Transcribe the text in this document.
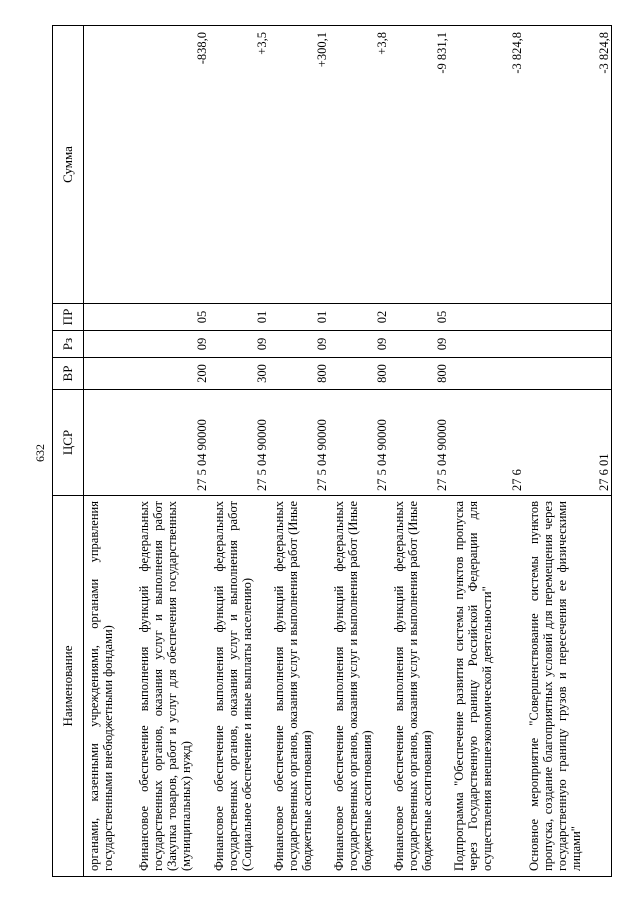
632
Наименование	ЦСР	ВР	Рз	ПР	Сумма
органами, казенными учреждениями, органами управления государственными внебюджетными фондами)					
Финансовое обеспечение выполнения функций федеральных государственных органов, оказания услуг и выполнения работ (Закупка товаров, работ и услуг для обеспечения государственных (муниципальных) нужд)	27 5 04 90000	200	09	05	-838,0
Финансовое обеспечение выполнения функций федеральных государственных органов, оказания услуг и выполнения работ (Социальное обеспечение и иные выплаты населению)	27 5 04 90000	300	09	01	+3,5
Финансовое обеспечение выполнения функций федеральных государственных органов, оказания услуг и выполнения работ (Иные бюджетные ассигнования)	27 5 04 90000	800	09	01	+300,1
Финансовое обеспечение выполнения функций федеральных государственных органов, оказания услуг и выполнения работ (Иные бюджетные ассигнования)	27 5 04 90000	800	09	02	+3,8
Финансовое обеспечение выполнения функций федеральных государственных органов, оказания услуг и выполнения работ (Иные бюджетные ассигнования)	27 5 04 90000	800	09	05	-9 831,1
Подпрограмма "Обеспечение развития системы пунктов пропуска через Государственную границу Российской Федерации для осуществления внешнеэкономической деятельности"	27 6				-3 824,8
Основное мероприятие "Совершенствование системы пунктов пропуска, создание благоприятных условий для перемещения через государственную границу грузов и пересечения ее физическими лицами"	27 6 01				-3 824,8
